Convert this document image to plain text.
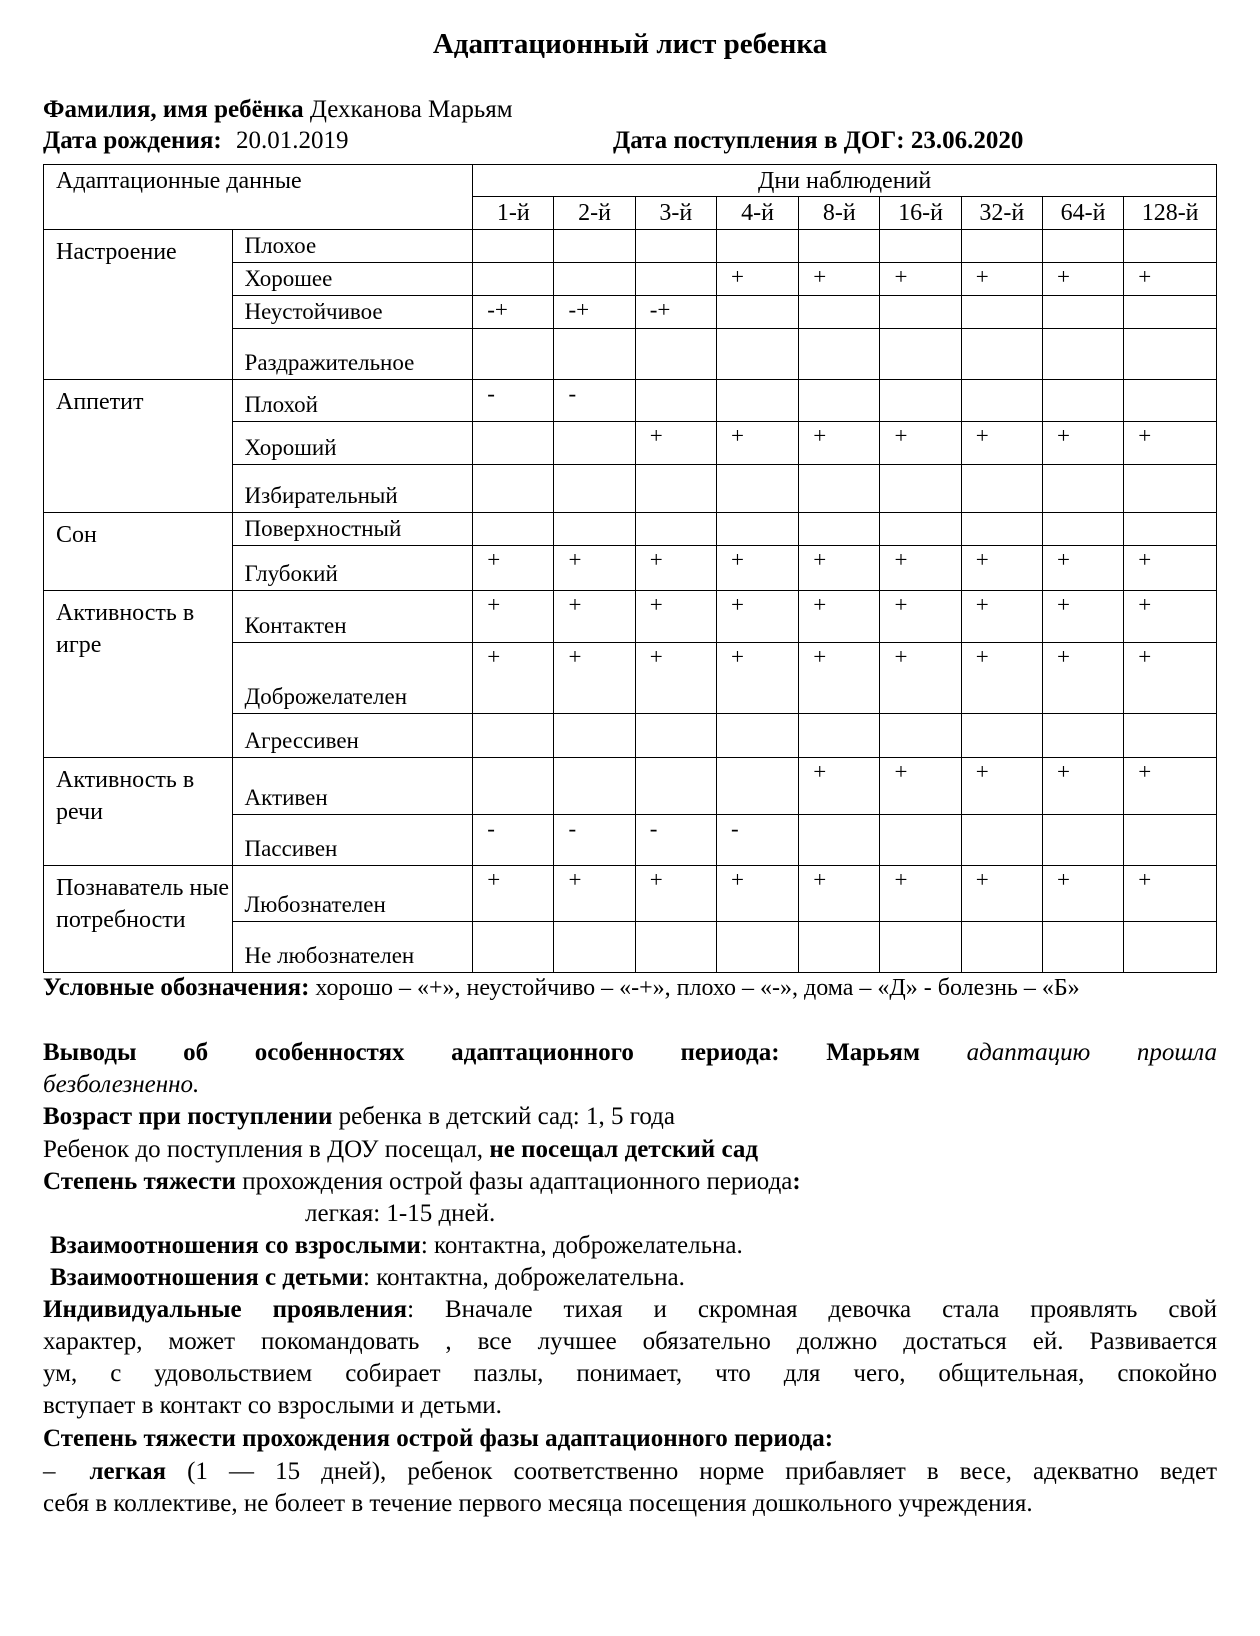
Адаптационный лист ребенка
Фамилия, имя ребёнка Дехканова Марьям
Дата рождения: 20.01.2019	Дата поступления в ДОГ: 23.06.2020
Адаптационные данные		Дни наблюдений								
		1-й	2-й	3-й	4-й	8-й	16-й	32-й	64-й	128-й
Настроение	Плохое									

	Хорошее				+	+	+	+	+	+

	Неустойчивое	-+	-+	-+						

	Раздражительное									

Аппетит	Плохой	-	-							

	Хороший			+	+	+	+	+	+	+

	Избирательный									

Сон	Поверхностный									

	Глубокий	+	+	+	+	+	+	+	+	+

Активность в игре	Контактен	+	+	+	+	+	+	+	+	+

	Доброжелателен	+	+	+	+	+	+	+	+	+

	Агрессивен									

Активность в речи	Активен					+	+	+	+	+

	Пассивен	-	-	-	-					

Познаватель ные потребности	Любознателен	+	+	+	+	+	+	+	+	+

	Не любознателен									

Условные обозначения: хорошо – «+», неустойчиво – «-+», плохо – «-», дома – «Д» - болезнь – «Б»
Выводы об особенностях адаптационного периода: Марьям адаптацию прошла
безболезненно.
Возраст при поступлении ребенка в детский сад: 1, 5 года
Ребенок до поступления в ДОУ посещал, не посещал детский сад
Степень тяжести прохождения острой фазы адаптационного периода:
легкая: 1-15 дней.
Взаимоотношения со взрослыми: контактна, доброжелательна.
Взаимоотношения с детьми: контактна, доброжелательна.
Индивидуальные проявления: Вначале тихая и скромная девочка стала проявлять свой
характер, может покомандовать , все лучшее обязательно должно достаться ей. Развивается
ум, с удовольствием собирает пазлы, понимает, что для чего, общительная, спокойно
вступает в контакт со взрослыми и детьми.
Степень тяжести прохождения острой фазы адаптационного периода:
– легкая (1 — 15 дней), ребенок соответственно норме прибавляет в весе, адекватно ведет
себя в коллективе, не болеет в течение первого месяца посещения дошкольного учреждения.
